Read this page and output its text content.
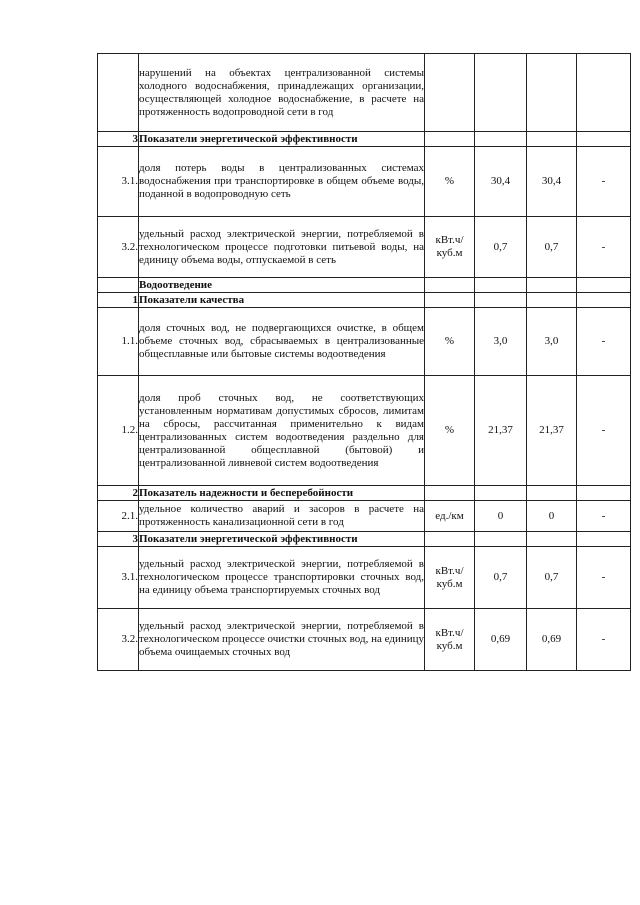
	нарушений на объектах централизованной системы холодного водоснабжения, принадлежащих организации, осуществляющей холодное водоснабжение, в расчете на протяженность водопроводной сети в год				
3	Показатели энергетической эффективности				
3.1.	доля потерь воды в централизованных системах водоснабжения при транспортировке в общем объеме воды, поданной в водопроводную сеть	%	30,4	30,4	-
3.2.	удельный расход электрической энергии, потребляемой в технологическом процессе подготовки питьевой воды, на единицу объема воды, отпускаемой в сеть	кВт.ч/куб.м	0,7	0,7	-
	Водоотведение				
1	Показатели качества				
1.1.	доля сточных вод, не подвергающихся очистке, в общем объеме сточных вод, сбрасываемых в централизованные общесплавные или бытовые системы водоотведения	%	3,0	3,0	-
1.2.	доля проб сточных вод, не соответствующих установленным нормативам допустимых сбросов, лимитам на сбросы, рассчитанная применительно к видам централизованных систем водоотведения раздельно для централизованной общесплавной (бытовой) и централизованной ливневой систем водоотведения	%	21,37	21,37	-
2	Показатель надежности и бесперебойности				
2.1.	удельное количество аварий и засоров в расчете на протяженность канализационной сети в год	ед./км	0	0	-
3	Показатели энергетической эффективности				
3.1.	удельный расход электрической энергии, потребляемой в технологическом процессе транспортировки сточных вод, на единицу объема транспортируемых сточных вод	кВт.ч/куб.м	0,7	0,7	-
3.2.	удельный расход электрической энергии, потребляемой в технологическом процессе очистки сточных вод, на единицу объема очищаемых сточных вод	кВт.ч/куб.м	0,69	0,69	-
